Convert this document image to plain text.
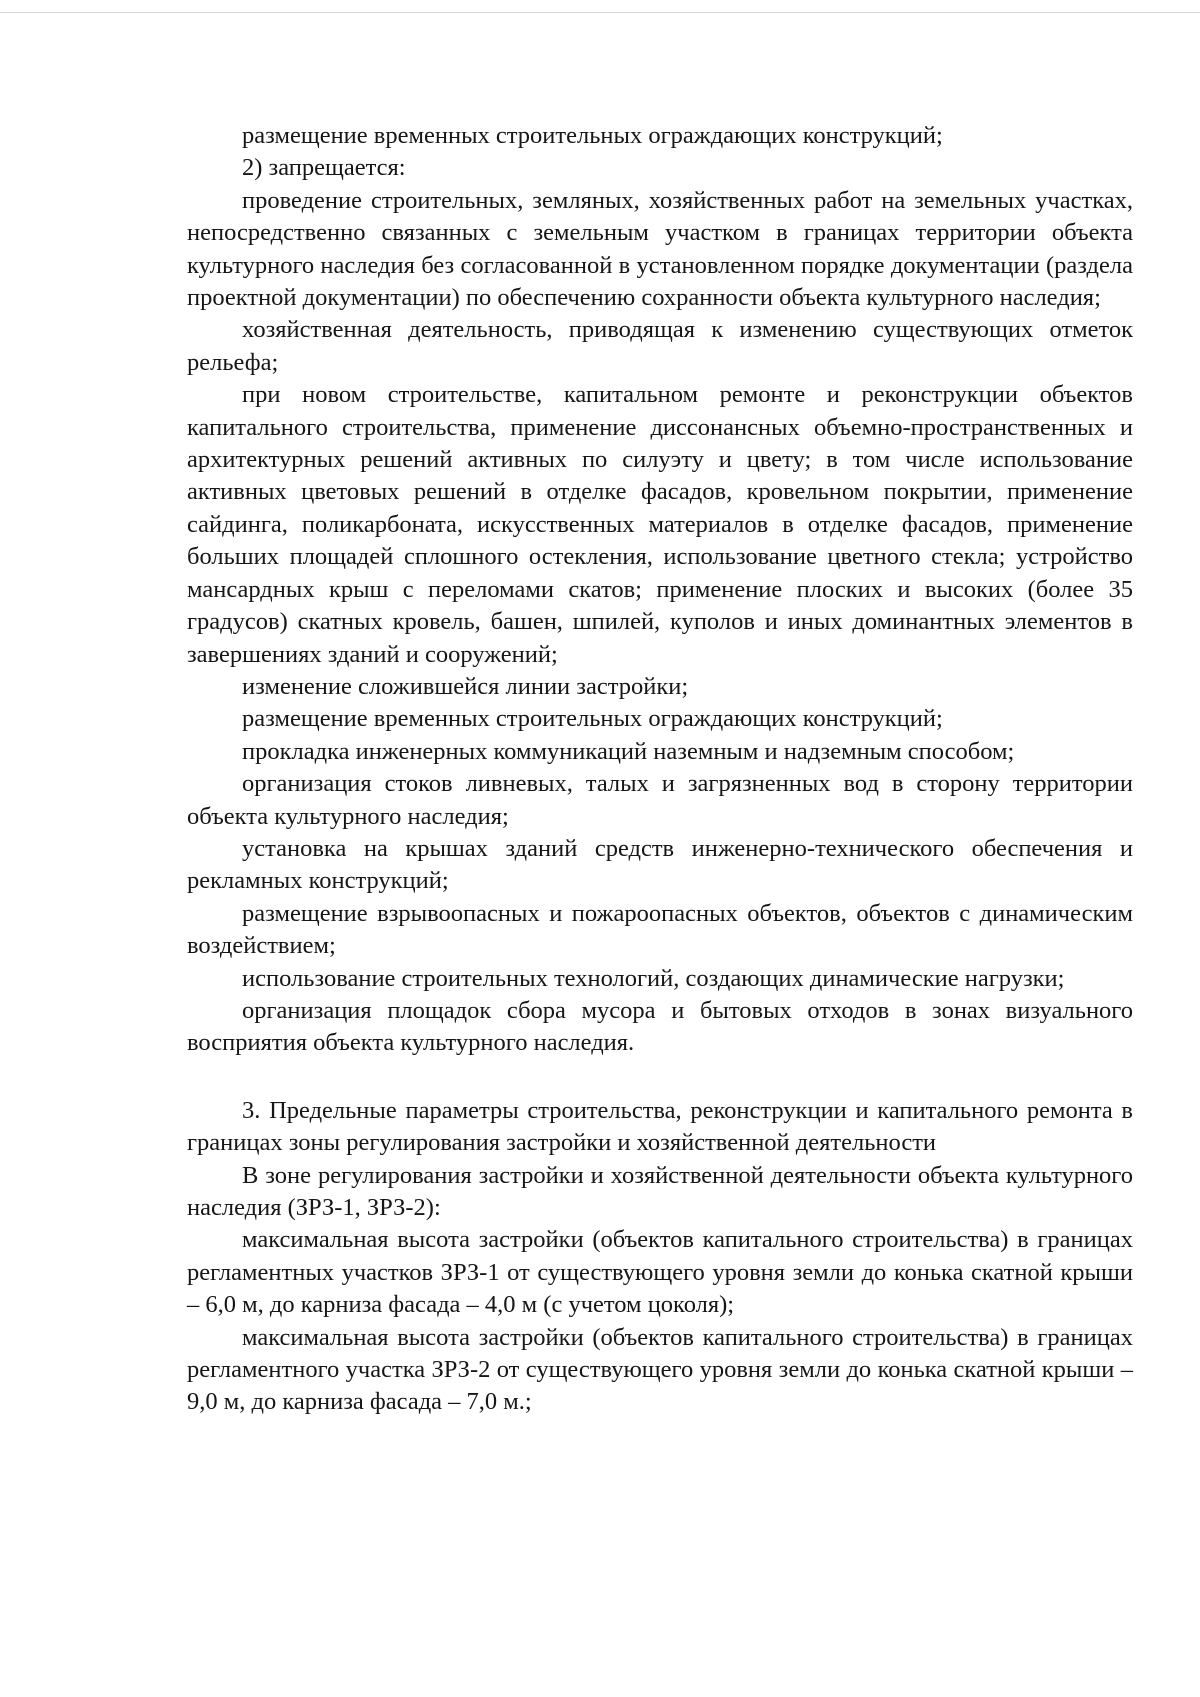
размещение временных строительных ограждающих конструкций;

2) запрещается:

проведение строительных, земляных, хозяйственных работ на земельных участках, непосредственно связанных с земельным участком в границах территории объекта культурного наследия без согласованной в установленном порядке документации (раздела проектной документации) по обеспечению сохранности объекта культурного наследия;

хозяйственная деятельность, приводящая к изменению существующих отметок рельефа;

при новом строительстве, капитальном ремонте и реконструкции объектов капитального строительства, применение диссонансных объемно-пространственных и архитектурных решений активных по силуэту и цвету; в том числе использование активных цветовых решений в отделке фасадов, кровельном покрытии, применение сайдинга, поликарбоната, искусственных материалов в отделке фасадов, применение больших площадей сплошного остекления, использование цветного стекла; устройство мансардных крыш с переломами скатов; применение плоских и высоких (более 35 градусов) скатных кровель, башен, шпилей, куполов и иных доминантных элементов в завершениях зданий и сооружений;

изменение сложившейся линии застройки;

размещение временных строительных ограждающих конструкций;

прокладка инженерных коммуникаций наземным и надземным способом;

организация стоков ливневых, талых и загрязненных вод в сторону территории объекта культурного наследия;

установка на крышах зданий средств инженерно-технического обеспечения и рекламных конструкций;

размещение взрывоопасных и пожароопасных объектов, объектов с динамическим воздействием;

использование строительных технологий, создающих динамические нагрузки;

организация площадок сбора мусора и бытовых отходов в зонах визуального восприятия объекта культурного наследия.

3. Предельные параметры строительства, реконструкции и капитального ремонта в границах зоны регулирования застройки и хозяйственной деятельности

В зоне регулирования застройки и хозяйственной деятельности объекта культурного наследия (ЗРЗ-1, ЗРЗ-2):

максимальная высота застройки (объектов капитального строительства) в границах регламентных участков ЗРЗ-1 от существующего уровня земли до конька скатной крыши – 6,0 м, до карниза фасада – 4,0 м (с учетом цоколя);

максимальная высота застройки (объектов капитального строительства) в границах регламентного участка ЗРЗ-2 от существующего уровня земли до конька скатной крыши – 9,0 м, до карниза фасада – 7,0 м.;
